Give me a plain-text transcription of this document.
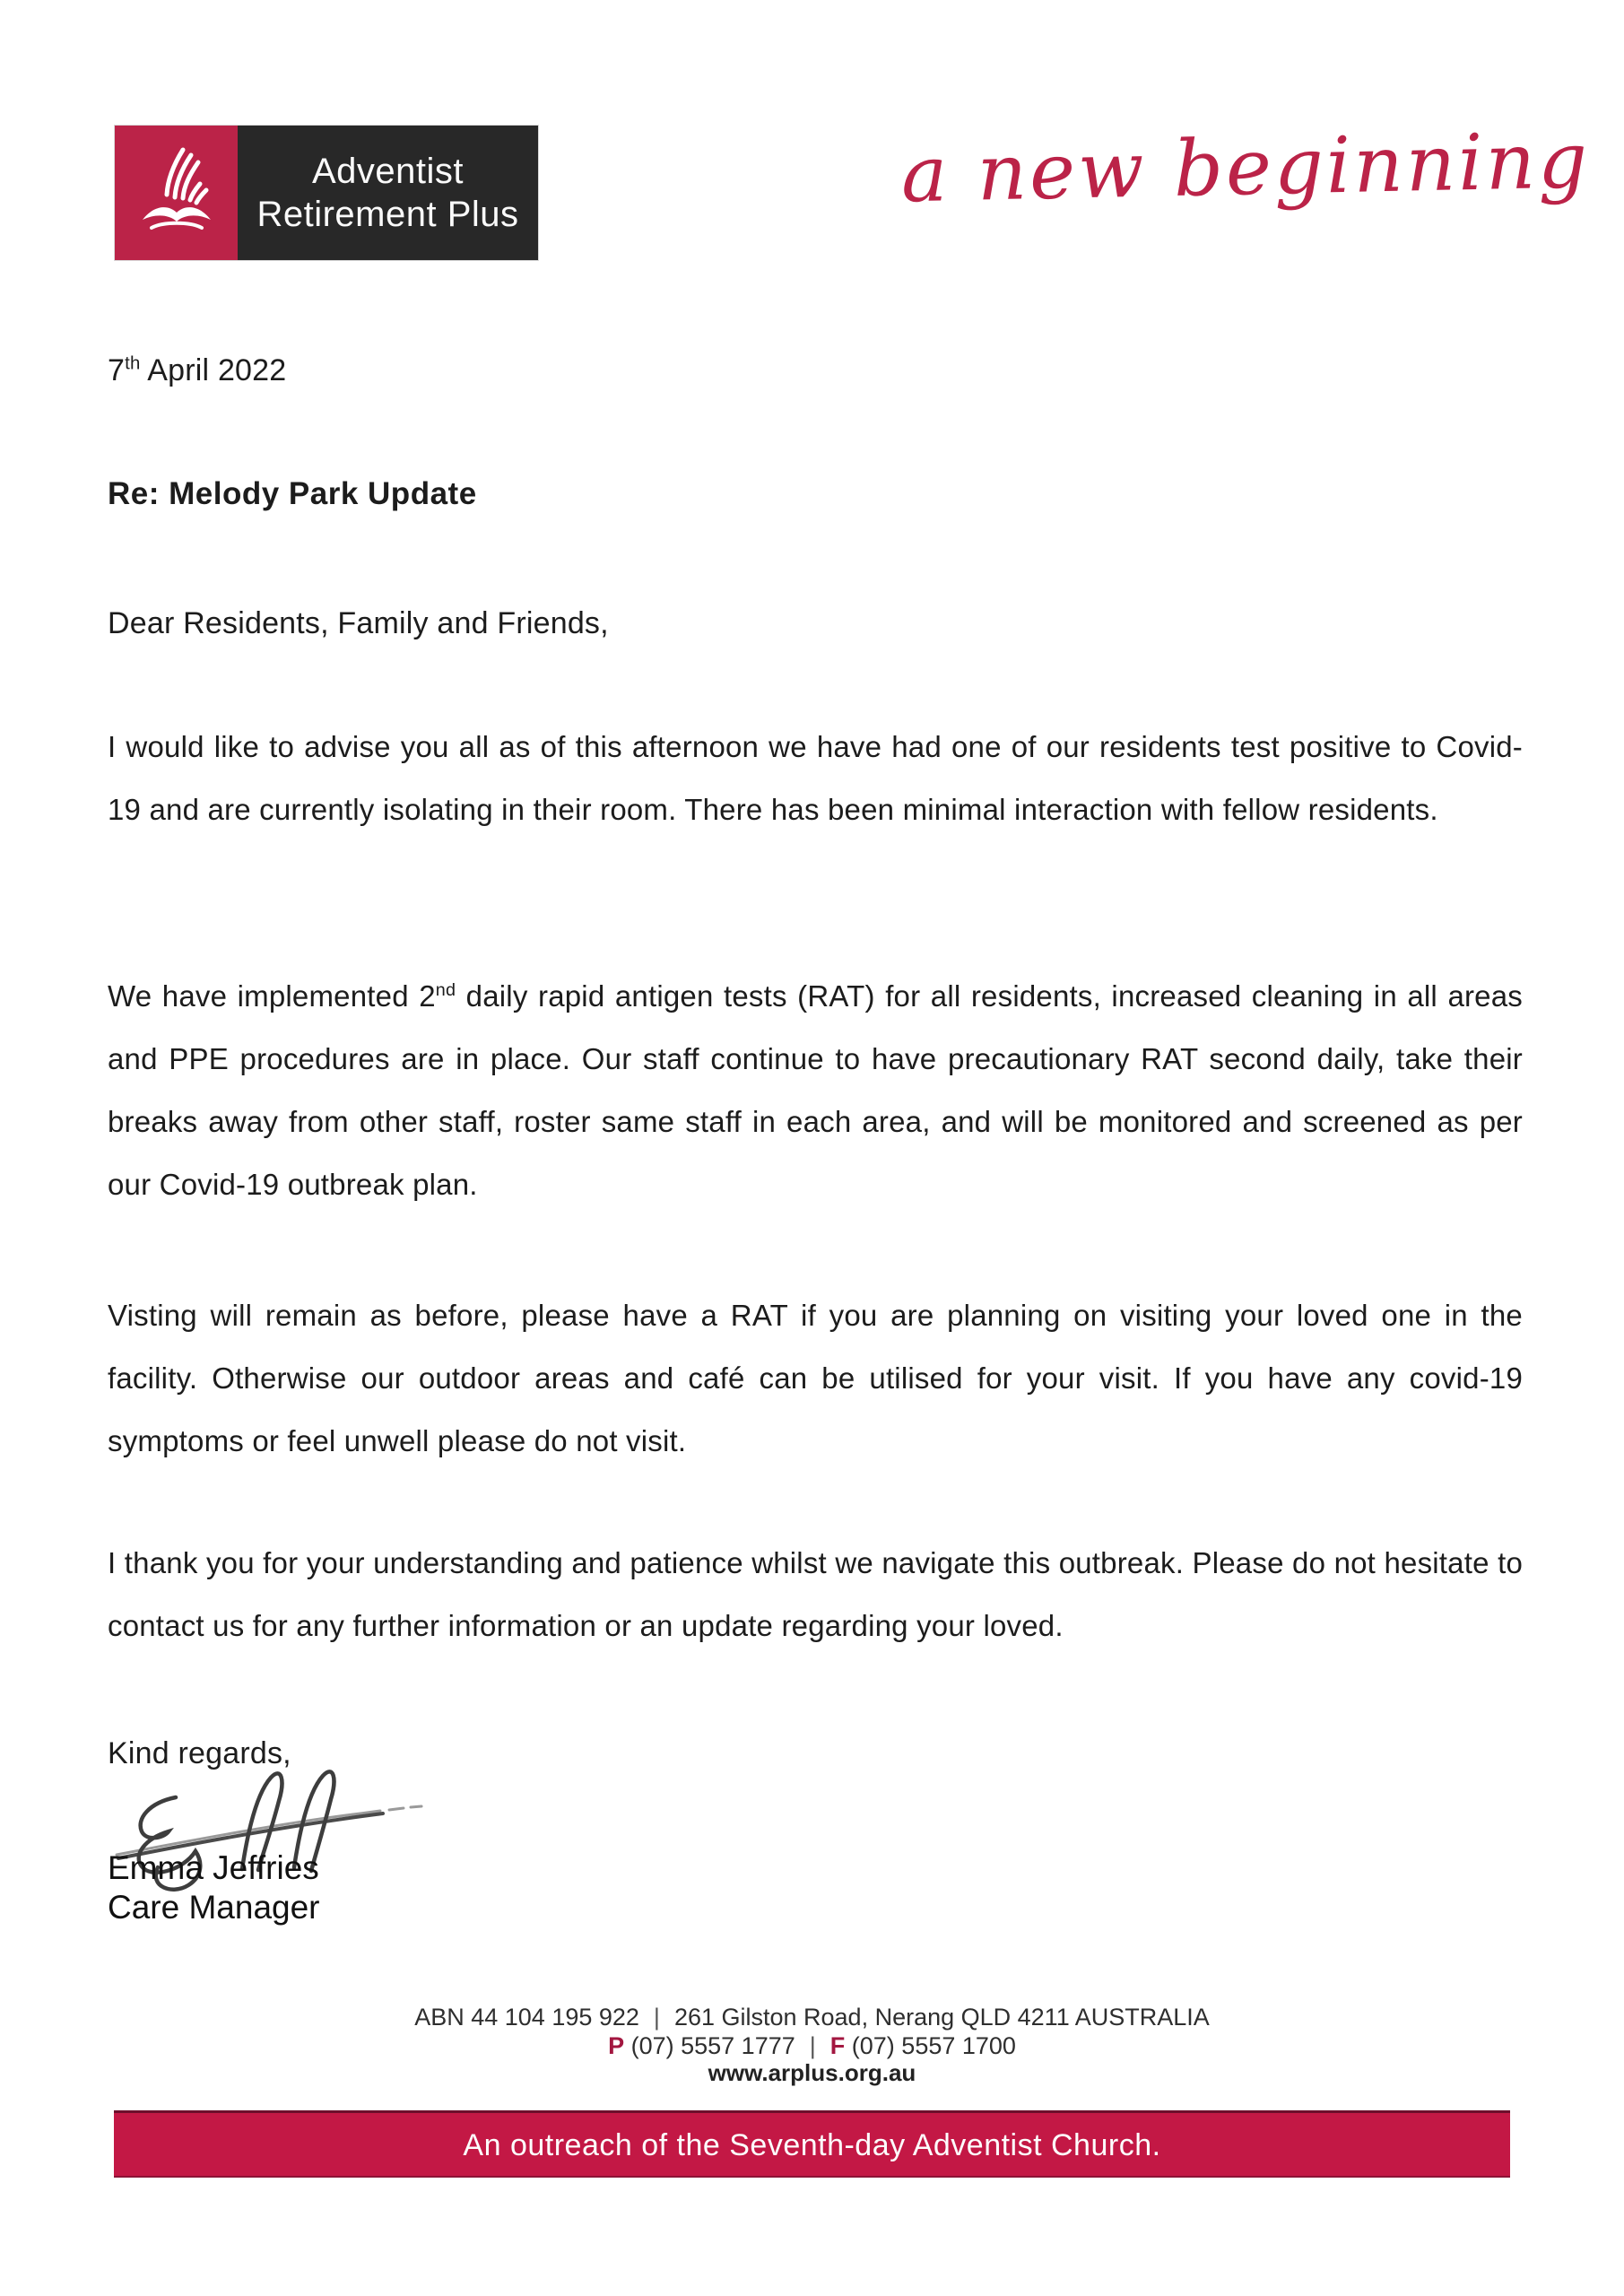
Adventist
Retirement Plus	a new beginning
7th April 2022
Re: Melody Park Update
Dear Residents, Family and Friends,

I would like to advise you all as of this afternoon we have had one of our residents test positive to Covid-19 and are currently isolating in their room. There has been minimal interaction with fellow residents.

We have implemented 2nd daily rapid antigen tests (RAT) for all residents, increased cleaning in all areas and PPE procedures are in place. Our staff continue to have precautionary RAT second daily, take their breaks away from other staff, roster same staff in each area, and will be monitored and screened as per our Covid-19 outbreak plan.

Visting will remain as before, please have a RAT if you are planning on visiting your loved one in the facility. Otherwise our outdoor areas and café can be utilised for your visit. If you have any covid-19 symptoms or feel unwell please do not visit.

I thank you for your understanding and patience whilst we navigate this outbreak. Please do not hesitate to contact us for any further information or an update regarding your loved.

Kind regards,
Emma Jeffries
Care Manager
ABN 44 104 195 922 | 261 Gilston Road, Nerang QLD 4211 AUSTRALIA
P (07) 5557 1777 | F (07) 5557 1700
www.arplus.org.au
An outreach of the Seventh-day Adventist Church.
